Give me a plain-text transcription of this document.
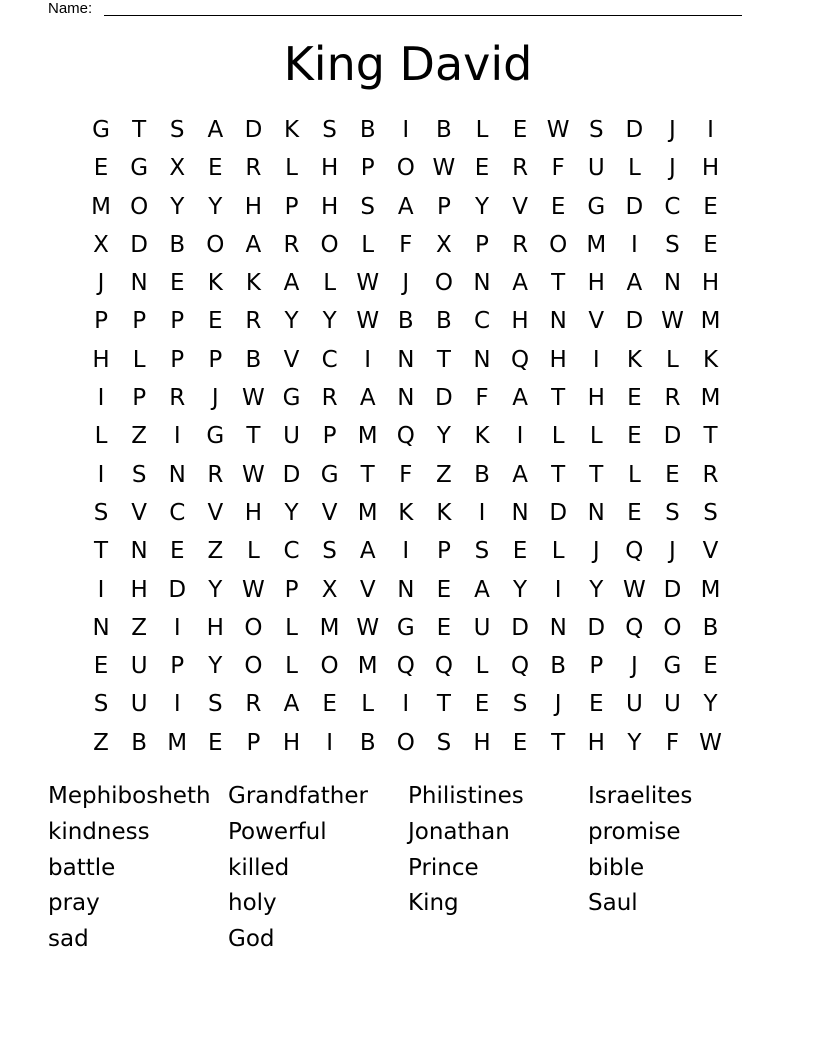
Name:
King David
G T	S A D K	S B	I	B	L	E W S D	J	I
E G X E R	L	H P O W E R	F	U	L	J	H
M O Y	Y H P H S A	P	Y	V E G D C E
X D B O A R O L	F	X	P	R O M	I	S	E
J	N E	K	K A	L W	J	O N A	T H A N H
P	P	P	E R	Y	Y W B B C H N V D W M
H	L	P	P	B V C	I	N T N Q H	I	K	L	K
I	P	R	J	W G R A N D F	A	T H E R M
L	Z	I	G T U P M Q Y	K	I	L	L	E D T
I	S N R W D G T	F	Z B A	T	T	L	E R
S V C V H Y	V M K	K	I	N D N E	S	S
T N E Z	L	C S A	I	P	S	E	L	J	Q	J	V
I	H D Y W P	X V N E A	Y	I	Y W D M
N Z	I	H O L M W G E U D N D Q O B
E U P	Y O L O M Q Q L Q B	P	J	G E
S U	I	S R A E	L	I	T	E	S	J	E U U Y
Z B M E	P H	I	B O S H E	T H Y	F W
Mephibosheth Grandfather	Philistines	Israelites
kindness	Powerful	Jonathan	promise
battle	killed	Prince	bible
pray	holy	King	Saul
sad	God
